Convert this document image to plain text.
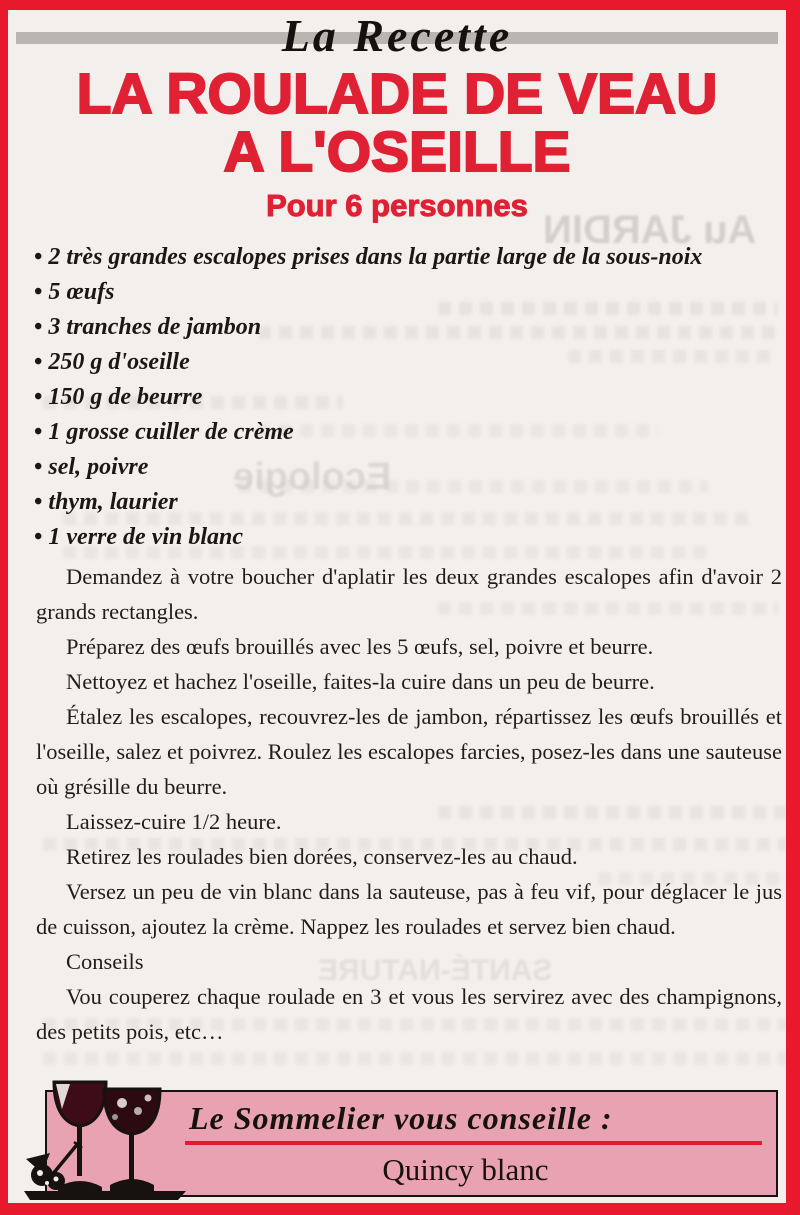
Au JARDIN
Ecologie
SANTÉ-NATURE
La Recette
LA ROULADE DE VEAU
A L'OSEILLE
Pour 6 personnes
• 2 très grandes escalopes prises dans la partie large de la sous-noix
• 5 œufs
• 3 tranches de jambon
• 250 g d'oseille
• 150 g de beurre
• 1 grosse cuiller de crème
• sel, poivre
• thym, laurier
• 1 verre de vin blanc

Demandez à votre boucher d'aplatir les deux grandes escalopes afin d'avoir 2 grands rectangles.

Préparez des œufs brouillés avec les 5 œufs, sel, poivre et beurre.

Nettoyez et hachez l'oseille, faites-la cuire dans un peu de beurre.

Étalez les escalopes, recouvrez-les de jambon, répartissez les œufs brouillés et l'oseille, salez et poivrez. Roulez les escalopes farcies, posez-les dans une sauteuse où grésille du beurre.

Laissez-cuire 1/2 heure.

Retirez les roulades bien dorées, conservez-les au chaud.

Versez un peu de vin blanc dans la sauteuse, pas à feu vif, pour déglacer le jus de cuisson, ajoutez la crème. Nappez les roulades et servez bien chaud.

Conseils

Vou couperez chaque roulade en 3 et vous les servirez avec des champignons, des petits pois, etc…

Le Sommelier vous conseille :
Quincy blanc
